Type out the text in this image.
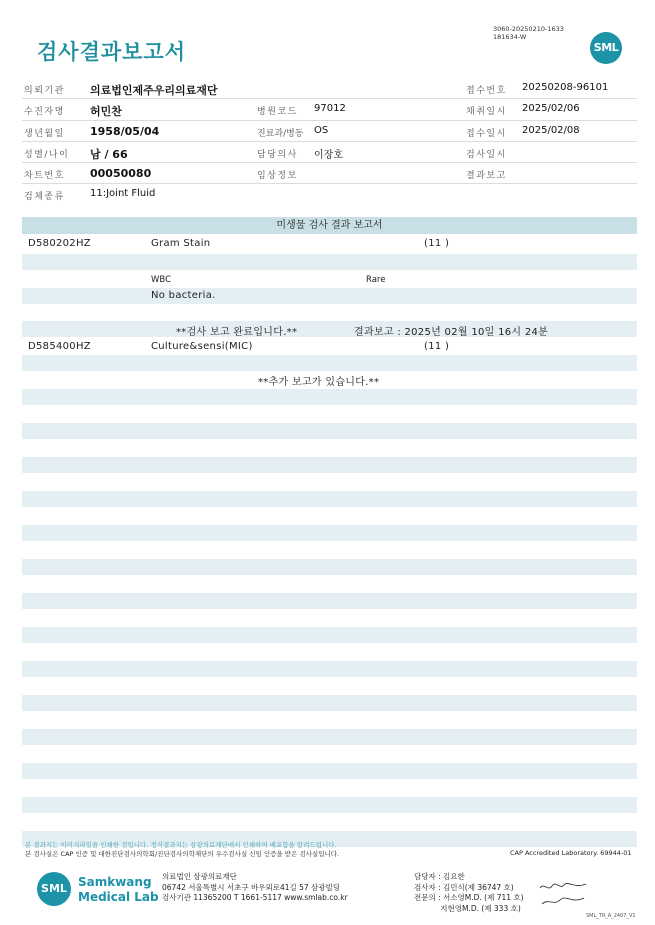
검사결과보고서
3060-20250210-1633
181634-W
SML
의뢰기관 의료법인제주우리의료재단	접수번호 20250208-96101
수진자명 허민찬	병원코드 97012	채취일시 2025/02/06
생년월일 1958/05/04	진료과/병동 OS	접수일시 2025/02/08
성별/나이 남 / 66	담당의사 이장호	검사일시
차트번호 00050080	임상정보	결과보고
검체종류	11:Joint Fluid
미생물 검사 결과 보고서
D580202HZ	Gram Stain	(11 )
WBC	Rare
No bacteria.
**검사 보고 완료입니다.**	결과보고 : 2025년 02월 10일 16시 24분
D585400HZ	Culture&sensi(MIC)	(11 )
**추가 보고가 있습니다.**
본 결과지는 이미지파일을 인쇄한 것입니다. 정식결과지는 삼광의료재단에서 인쇄하여 배포함을 알려드립니다.
본 검사실은 CAP 인증 및 대한진단검사의학회/진단검사의학재단의 우수검사실 신임 인증을 받은 검사실입니다.	CAP Accredited Laboratory. 69944-01
SML Samkwang
Medical Lab
의료법인 삼광의료재단
06742 서울특별시 서초구 바우뫼로41길 57 삼광빌딩
검사기관 11365200 T 1661-5117 www.smlab.co.kr
담당자 : 김요한
검사자 : 김민식(제 36747 호)
전문의 : 서소영M.D. (제 711 호)
지현영M.D. (제 333 호)
SML_TR_A_2407_V1
